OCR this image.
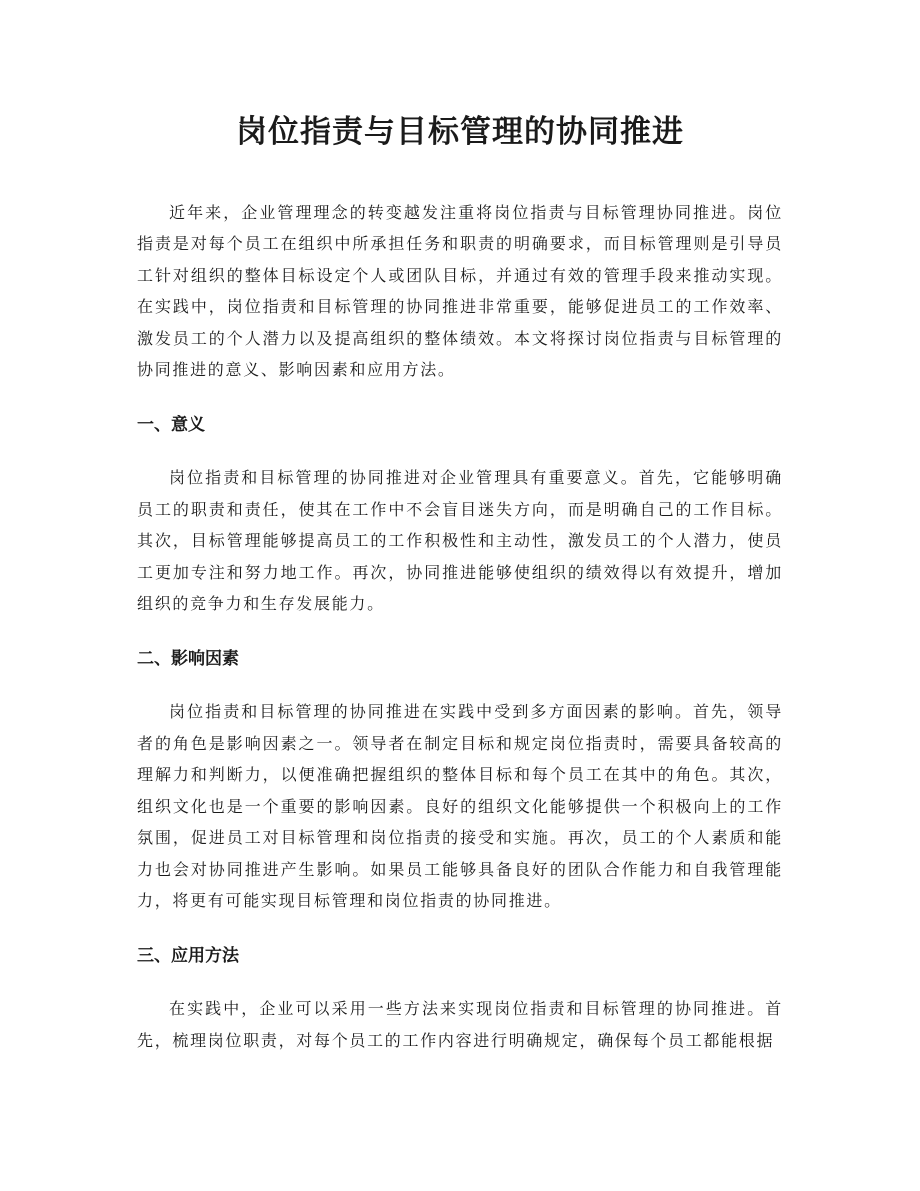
岗位指责与目标管理的协同推进

近年来，企业管理理念的转变越发注重将岗位指责与目标管理协同推进。岗位指责是对每个员工在组织中所承担任务和职责的明确要求，而目标管理则是引导员工针对组织的整体目标设定个人或团队目标，并通过有效的管理手段来推动实现。在实践中，岗位指责和目标管理的协同推进非常重要，能够促进员工的工作效率、激发员工的个人潜力以及提高组织的整体绩效。本文将探讨岗位指责与目标管理的协同推进的意义、影响因素和应用方法。

一、意义

岗位指责和目标管理的协同推进对企业管理具有重要意义。首先，它能够明确员工的职责和责任，使其在工作中不会盲目迷失方向，而是明确自己的工作目标。其次，目标管理能够提高员工的工作积极性和主动性，激发员工的个人潜力，使员工更加专注和努力地工作。再次，协同推进能够使组织的绩效得以有效提升，增加组织的竞争力和生存发展能力。

二、影响因素

岗位指责和目标管理的协同推进在实践中受到多方面因素的影响。首先，领导者的角色是影响因素之一。领导者在制定目标和规定岗位指责时，需要具备较高的理解力和判断力，以便准确把握组织的整体目标和每个员工在其中的角色。其次，组织文化也是一个重要的影响因素。良好的组织文化能够提供一个积极向上的工作氛围，促进员工对目标管理和岗位指责的接受和实施。再次，员工的个人素质和能力也会对协同推进产生影响。如果员工能够具备良好的团队合作能力和自我管理能力，将更有可能实现目标管理和岗位指责的协同推进。

三、应用方法

在实践中，企业可以采用一些方法来实现岗位指责和目标管理的协同推进。首先，梳理岗位职责，对每个员工的工作内容进行明确规定，确保每个员工都能根据
